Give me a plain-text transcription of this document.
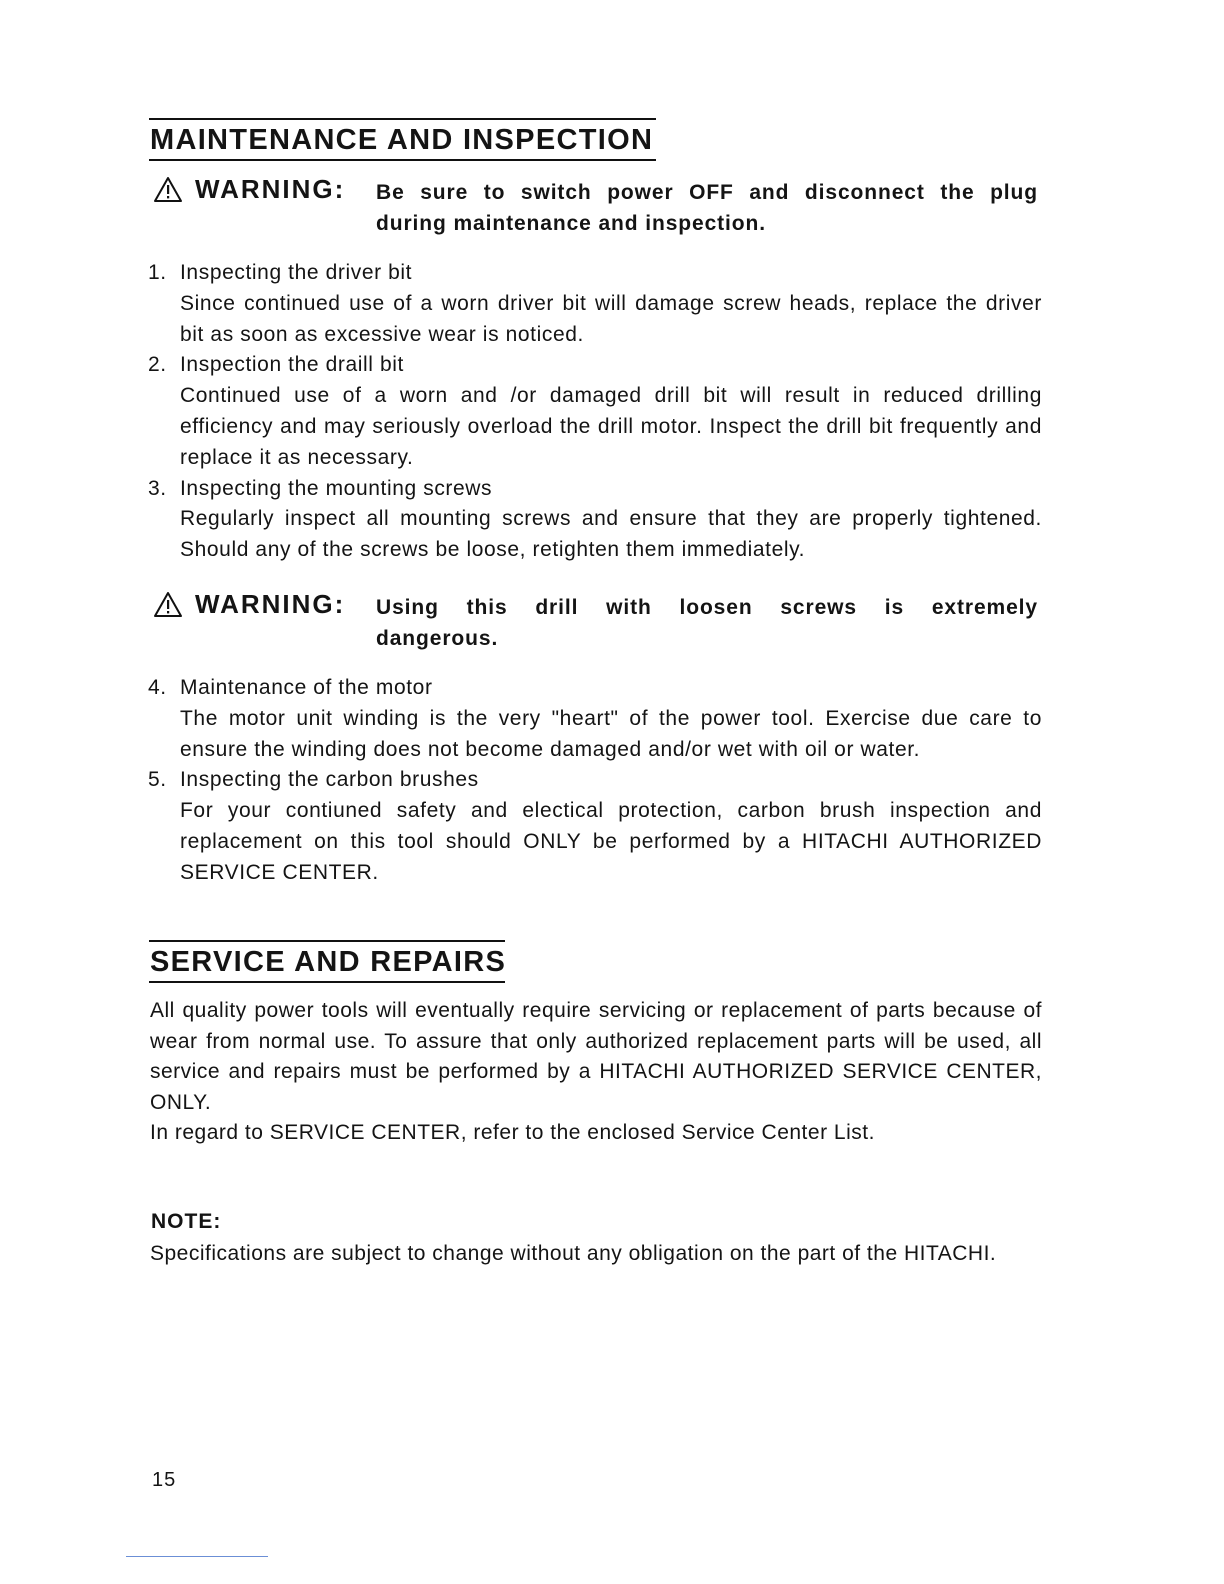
MAINTENANCE AND INSPECTION
WARNING: Be sure to switch power OFF and disconnect the plug
during maintenance and inspection.
1. Inspecting the driver bit
Since continued use of a worn driver bit will damage screw heads, replace the driver bit as soon as excessive wear is noticed.
2. Inspection the draill bit
Continued use of a worn and /or damaged drill bit will result in reduced drilling efficiency and may seriously overload the drill motor. Inspect the drill bit frequently and replace it as necessary.
3. Inspecting the mounting screws
Regularly inspect all mounting screws and ensure that they are properly tightened. Should any of the screws be loose, retighten them immediately.
WARNING: Using this drill with loosen screws is extremely
dangerous.
4. Maintenance of the motor
The motor unit winding is the very "heart" of the power tool. Exercise due care to ensure the winding does not become damaged and/or wet with oil or water.
5. Inspecting the carbon brushes
For your contiuned safety and electical protection, carbon brush inspection and replacement on this tool should ONLY be performed by a HITACHI AUTHORIZED SERVICE CENTER.
SERVICE AND REPAIRS
All quality power tools will eventually require servicing or replacement of parts because of wear from normal use. To assure that only authorized replacement parts will be used, all service and repairs must be performed by a HITACHI AUTHORIZED SERVICE CENTER, ONLY.
In regard to SERVICE CENTER, refer to the enclosed Service Center List.
NOTE:
Specifications are subject to change without any obligation on the part of the HITACHI.
15
